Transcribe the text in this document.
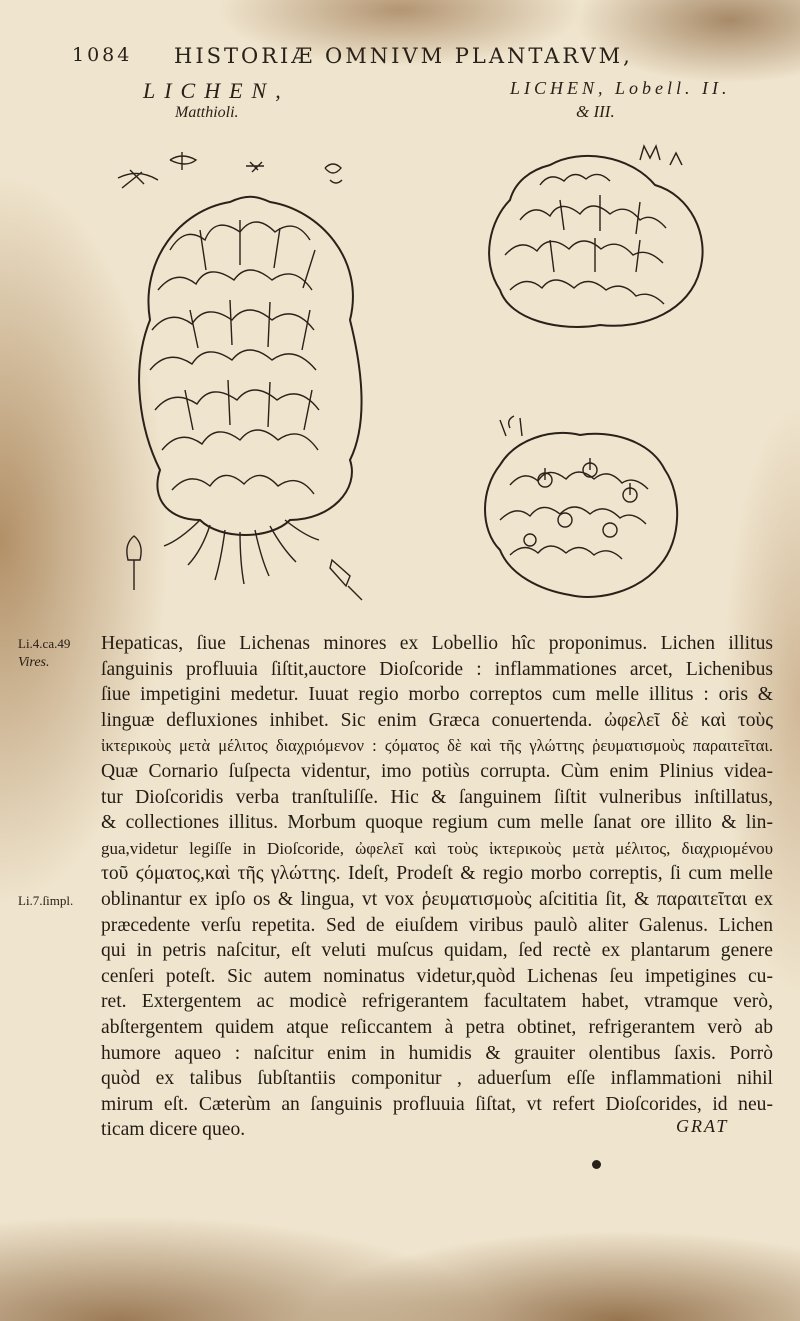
1084 HISTORIÆ OMNIVM PLANTARVM,
LICHEN,
Matthioli.
LICHEN, Lobell. II.
& III.
Li.4.ca.49
Vires.
Li.7.ſimpl.
Hepaticas, ſiue Lichenas minores ex Lobellio hîc proponimus. Lichen illitus
ſanguinis profluuia ſiſtit,auctore Dioſcoride : inflammationes arcet, Lichenibus
ſiue impetigini medetur. Iuuat regio morbo correptos cum melle illitus : oris &
linguæ defluxiones inhibet. Sic enim Græca conuertenda. ὠφελεῖ δὲ καὶ τοὺς
ἰκτερικοὺς μετὰ μέλιτος διαχριόμενον : ϛόματος δὲ καὶ τῆς γλώττης ῥευματισμοὺς παραιτεῖται.
Quæ Cornario ſuſpecta videntur, imo potiùs corrupta. Cùm enim Plinius videa-
tur Dioſcoridis verba tranſtuliſſe. Hic & ſanguinem ſiſtit vulneribus inſtillatus,
& collectiones illitus. Morbum quoque regium cum melle ſanat ore illito & lin-
gua,videtur legiſſe in Dioſcoride, ὠφελεῖ καὶ τοὺς ἰκτερικοὺς μετὰ μέλιτος, διαχριομένου
τοῦ ϛόματος,καὶ τῆς γλώττης. Ideſt, Prodeſt & regio morbo correptis, ſi cum melle
oblinantur ex ipſo os & lingua, vt vox ῥευματισμοὺς aſcititia ſit, & παραιτεῖται ex
præcedente verſu repetita. Sed de eiuſdem viribus paulò aliter Galenus. Lichen
qui in petris naſcitur, eſt veluti muſcus quidam, ſed rectè ex plantarum genere
cenſeri poteſt. Sic autem nominatus videtur,quòd Lichenas ſeu impetigines cu-
ret. Extergentem ac modicè refrigerantem facultatem habet, vtramque verò,
abſtergentem quidem atque reſiccantem à petra obtinet, refrigerantem verò ab
humore aqueo : naſcitur enim in humidis & grauiter olentibus ſaxis. Porrò
quòd ex talibus ſubſtantiis componitur , aduerſum eſſe inflammationi nihil
mirum eſt. Cæterùm an ſanguinis profluuia ſiſtat, vt refert Dioſcorides, id neu-
ticam dicere queo.	GRAT
